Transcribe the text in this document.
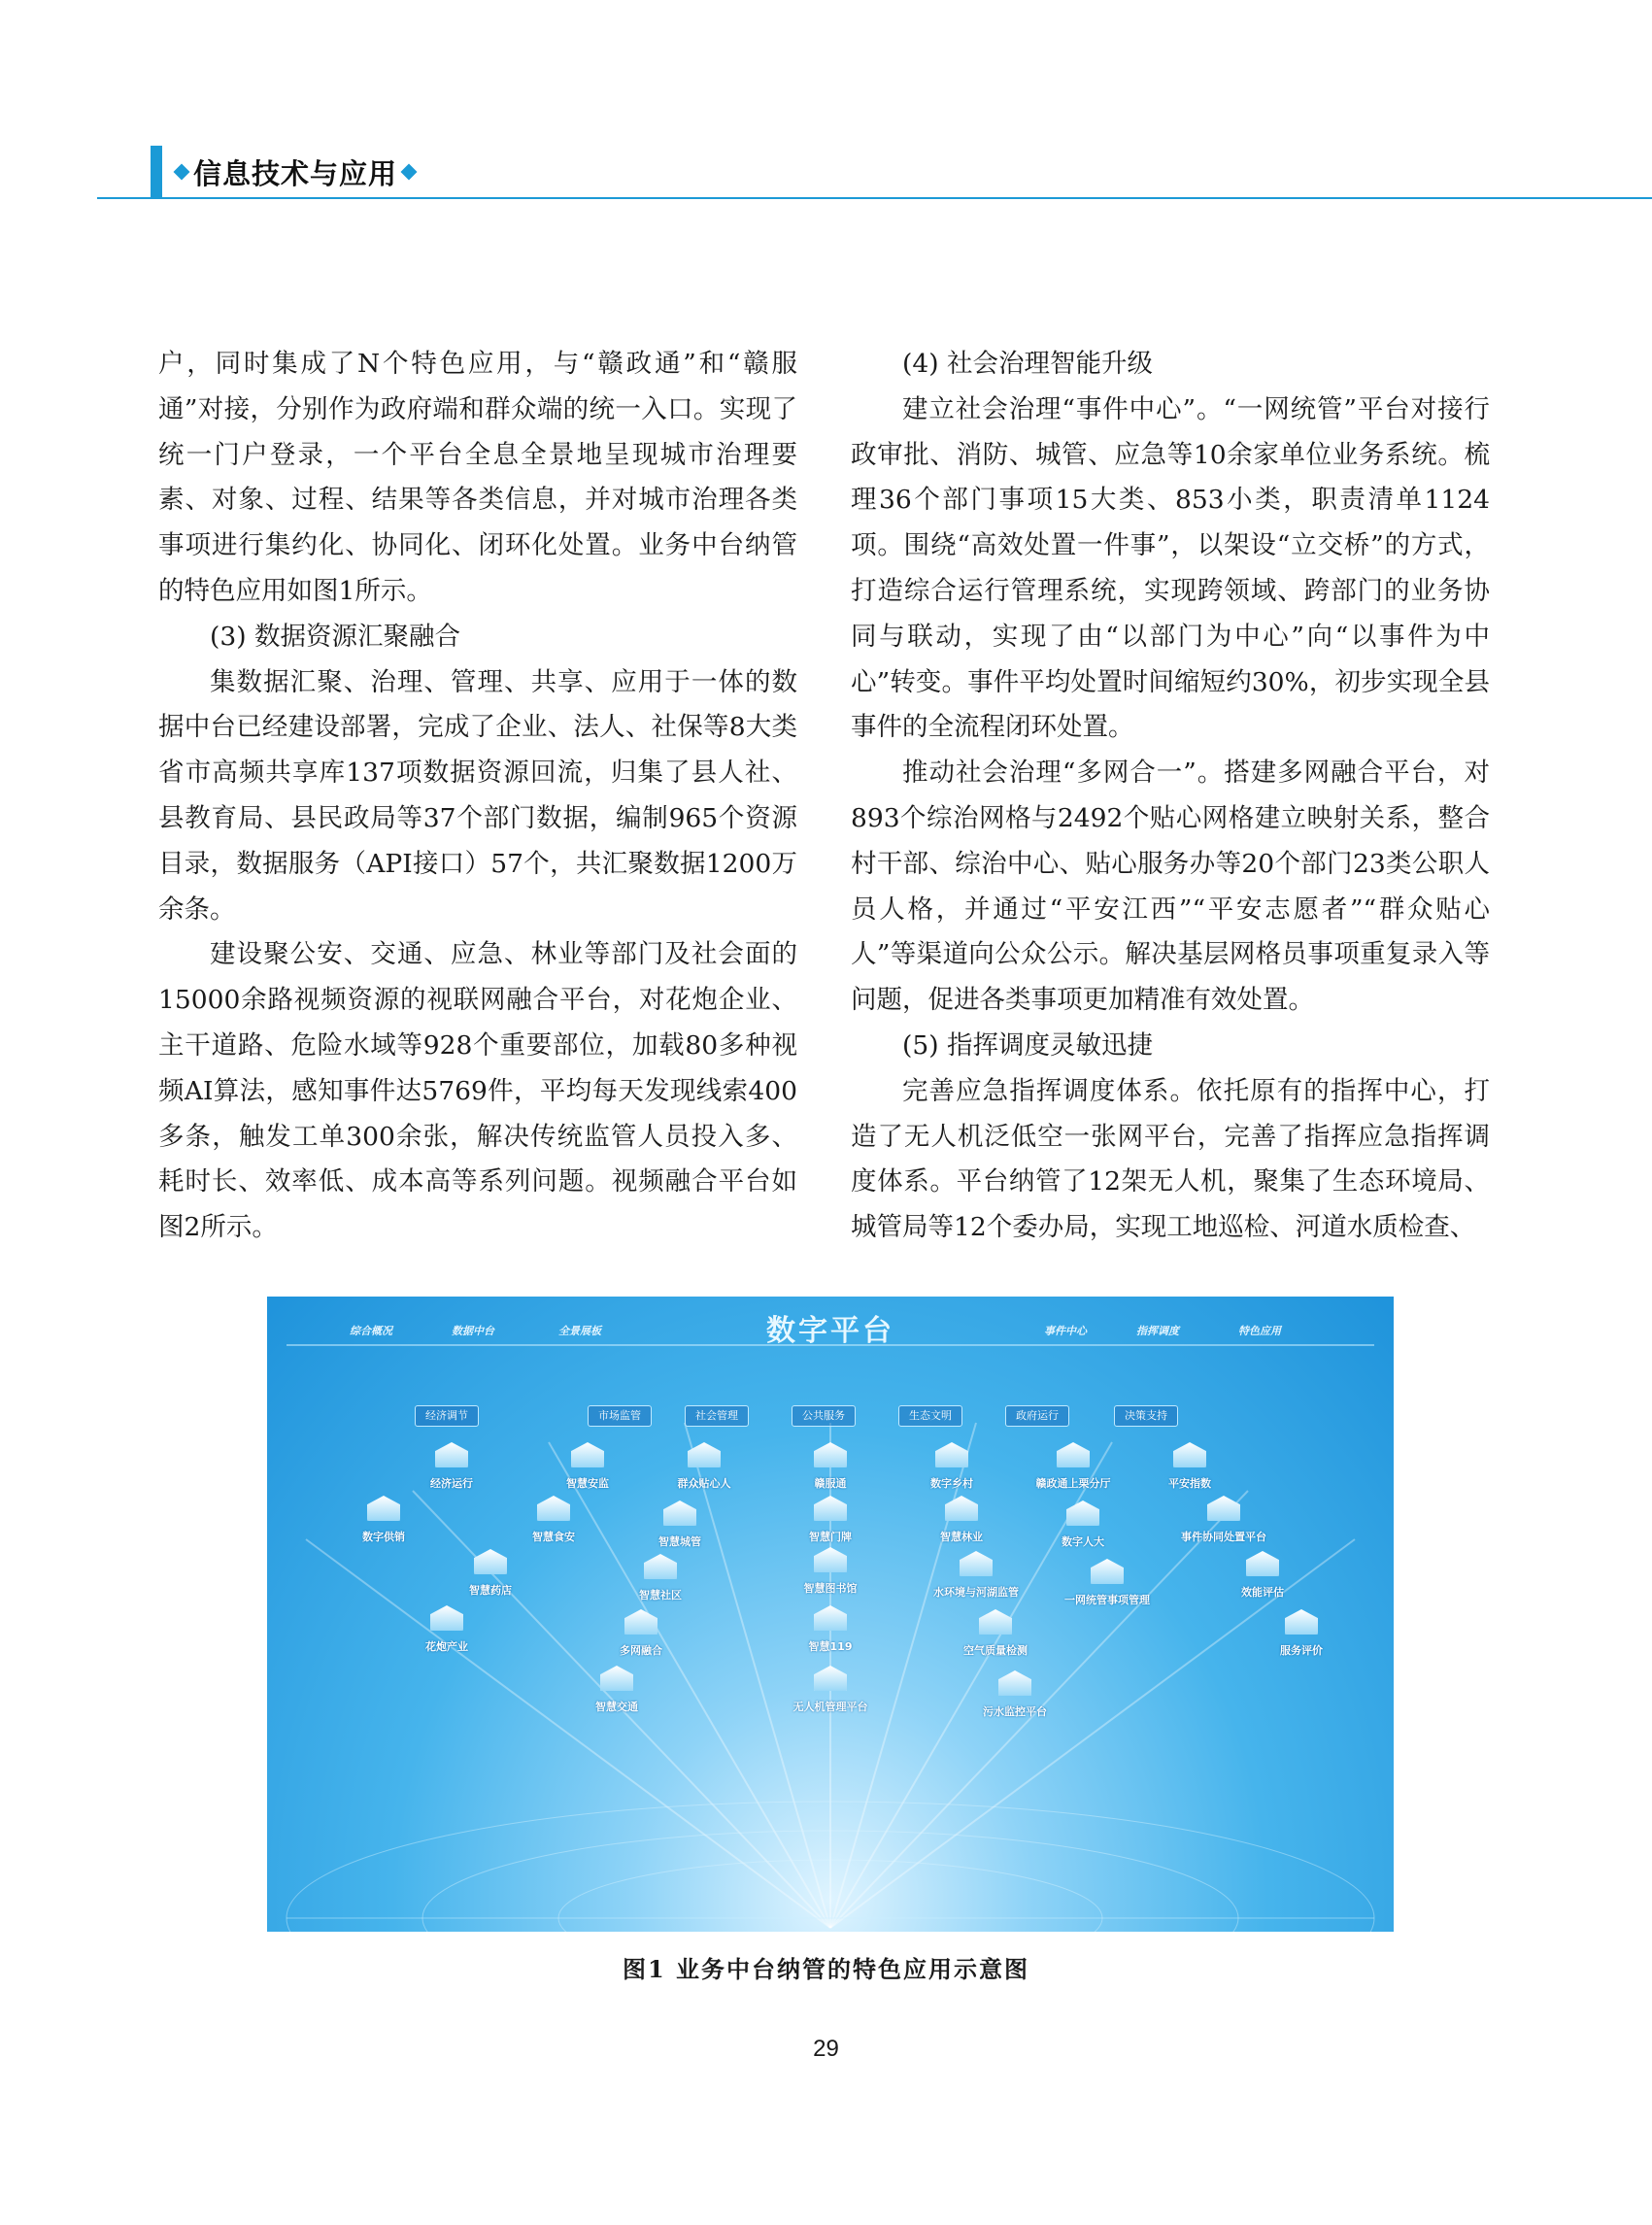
信息技术与应用

户，同时集成了N个特色应用，与“赣政通”和“赣服通”对接，分别作为政府端和群众端的统一入口。实现了统一门户登录，一个平台全息全景地呈现城市治理要素、对象、过程、结果等各类信息，并对城市治理各类事项进行集约化、协同化、闭环化处置。业务中台纳管的特色应用如图1所示。

(3) 数据资源汇聚融合

集数据汇聚、治理、管理、共享、应用于一体的数据中台已经建设部署，完成了企业、法人、社保等8大类省市高频共享库137项数据资源回流，归集了县人社、县教育局、县民政局等37个部门数据，编制965个资源目录，数据服务（API接口）57个，共汇聚数据1200万余条。

建设聚公安、交通、应急、林业等部门及社会面的15000余路视频资源的视联网融合平台，对花炮企业、主干道路、危险水域等928个重要部位，加载80多种视频AI算法，感知事件达5769件，平均每天发现线索400多条，触发工单300余张，解决传统监管人员投入多、耗时长、效率低、成本高等系列问题。视频融合平台如图2所示。

(4) 社会治理智能升级

建立社会治理“事件中心”。“一网统管”平台对接行政审批、消防、城管、应急等10余家单位业务系统。梳理36个部门事项15大类、853小类，职责清单1124项。围绕“高效处置一件事”，以架设“立交桥”的方式，打造综合运行管理系统，实现跨领域、跨部门的业务协同与联动，实现了由“以部门为中心”向“以事件为中心”转变。事件平均处置时间缩短约30%，初步实现全县事件的全流程闭环处置。

推动社会治理“多网合一”。搭建多网融合平台，对893个综治网格与2492个贴心网格建立映射关系，整合村干部、综治中心、贴心服务办等20个部门23类公职人员人格，并通过“平安江西”“平安志愿者”“群众贴心人”等渠道向公众公示。解决基层网格员事项重复录入等问题，促进各类事项更加精准有效处置。

(5) 指挥调度灵敏迅捷

完善应急指挥调度体系。依托原有的指挥中心，打造了无人机泛低空一张网平台，完善了指挥应急指挥调度体系。平台纳管了12架无人机，聚集了生态环境局、城管局等12个委办局，实现工地巡检、河道水质检查、

数字平台
综合概况	数据中台	全景展板	事件中心	指挥调度	特色应用
经济调节	市场监管	社会管理	公共服务	生态文明	政府运行	决策支持
经济运行	智慧安监	群众贴心人	赣服通	数字乡村	赣政通上栗分厅	平安指数
数字供销	智慧食安	智慧城管	智慧门牌	智慧林业	数字人大	事件协同处置平台
智慧药店	智慧社区
智慧图书馆	水环境与河湖监管
一网统管事项管理
效能评估
花炮产业	多网融合	智慧119	空气质量检测	服务评价
智慧交通	无人机管理平台	污水监控平台
图1 业务中台纳管的特色应用示意图
29
